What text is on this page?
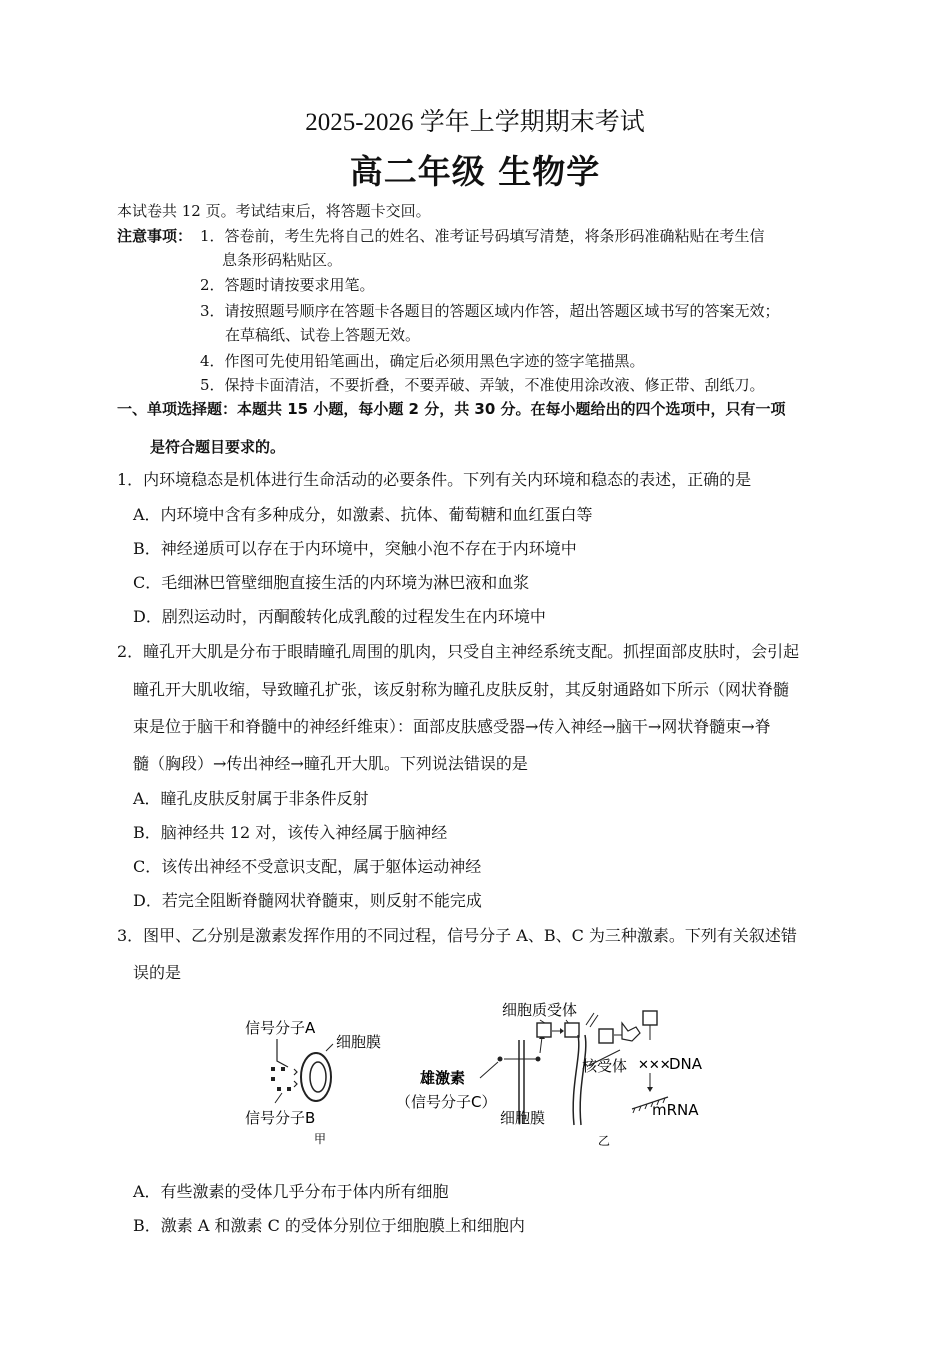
2025-2026 学年上学期期末考试
高二年级 生物学
本试卷共 12 页。考试结束后，将答题卡交回。
注意事项： 1．答卷前，考生先将自己的姓名、准考证号码填写清楚，将条形码准确粘贴在考生信
息条形码粘贴区。
2．答题时请按要求用笔。
3．请按照题号顺序在答题卡各题目的答题区域内作答，超出答题区域书写的答案无效；
在草稿纸、试卷上答题无效。
4．作图可先使用铅笔画出，确定后必须用黑色字迹的签字笔描黑。
5．保持卡面清洁，不要折叠，不要弄破、弄皱，不准使用涂改液、修正带、刮纸刀。
一、单项选择题：本题共 15 小题，每小题 2 分，共 30 分。在每小题给出的四个选项中，只有一项
是符合题目要求的。
1．内环境稳态是机体进行生命活动的必要条件。下列有关内环境和稳态的表述，正确的是
A．内环境中含有多种成分，如激素、抗体、葡萄糖和血红蛋白等
B．神经递质可以存在于内环境中，突触小泡不存在于内环境中
C．毛细淋巴管壁细胞直接生活的内环境为淋巴液和血浆
D．剧烈运动时，丙酮酸转化成乳酸的过程发生在内环境中
2．瞳孔开大肌是分布于眼睛瞳孔周围的肌肉，只受自主神经系统支配。抓捏面部皮肤时，会引起
瞳孔开大肌收缩，导致瞳孔扩张，该反射称为瞳孔皮肤反射，其反射通路如下所示（网状脊髓
束是位于脑干和脊髓中的神经纤维束）：面部皮肤感受器→传入神经→脑干→网状脊髓束→脊
髓（胸段）→传出神经→瞳孔开大肌。下列说法错误的是
A．瞳孔皮肤反射属于非条件反射
B．脑神经共 12 对，该传入神经属于脑神经
C．该传出神经不受意识支配，属于躯体运动神经
D．若完全阻断脊髓网状脊髓束，则反射不能完成
3．图甲、乙分别是激素发挥作用的不同过程，信号分子 A、B、C 为三种激素。下列有关叙述错
误的是
信号分子A
细胞膜
信号分子B
甲
细胞质受体
雄激素
（信号分子C）
细胞膜
核受体 ✕✕✕
DNA
mRNA
乙
A．有些激素的受体几乎分布于体内所有细胞
B．激素 A 和激素 C 的受体分别位于细胞膜上和细胞内
